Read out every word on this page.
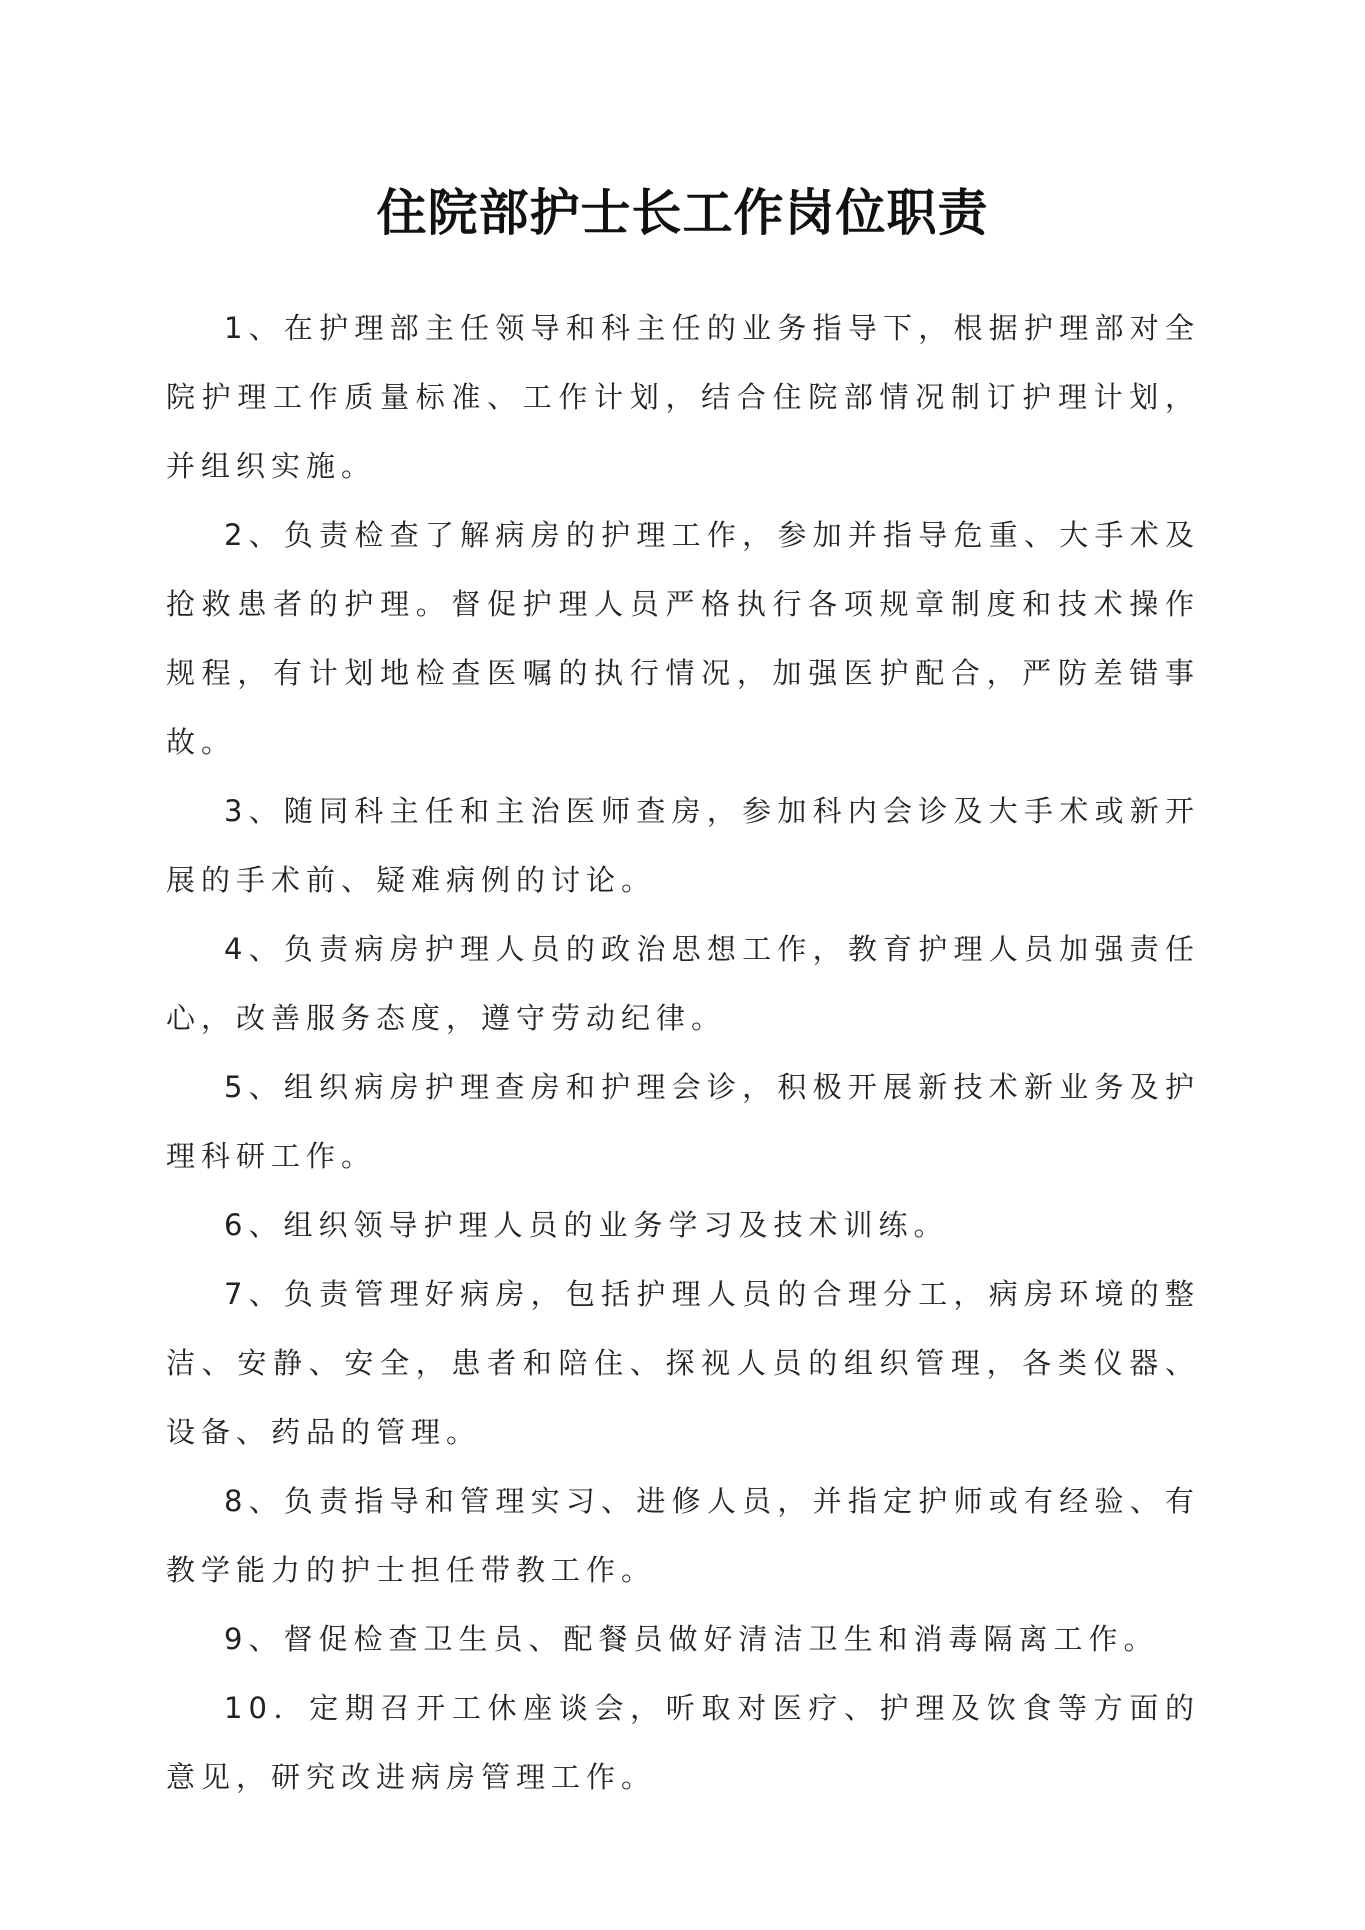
住院部护士长工作岗位职责

1、在护理部主任领导和科主任的业务指导下，根据护理部对全院护理工作质量标准、工作计划，结合住院部情况制订护理计划，并组织实施。

2、负责检查了解病房的护理工作，参加并指导危重、大手术及抢救患者的护理。督促护理人员严格执行各项规章制度和技术操作规程，有计划地检查医嘱的执行情况，加强医护配合，严防差错事故。

3、随同科主任和主治医师查房，参加科内会诊及大手术或新开展的手术前、疑难病例的讨论。

4、负责病房护理人员的政治思想工作，教育护理人员加强责任心，改善服务态度，遵守劳动纪律。

5、组织病房护理查房和护理会诊，积极开展新技术新业务及护理科研工作。

6、组织领导护理人员的业务学习及技术训练。

7、负责管理好病房，包括护理人员的合理分工，病房环境的整洁、安静、安全，患者和陪住、探视人员的组织管理，各类仪器、设备、药品的管理。

8、负责指导和管理实习、进修人员，并指定护师或有经验、有教学能力的护士担任带教工作。

9、督促检查卫生员、配餐员做好清洁卫生和消毒隔离工作。

10．定期召开工休座谈会，听取对医疗、护理及饮食等方面的意见，研究改进病房管理工作。
